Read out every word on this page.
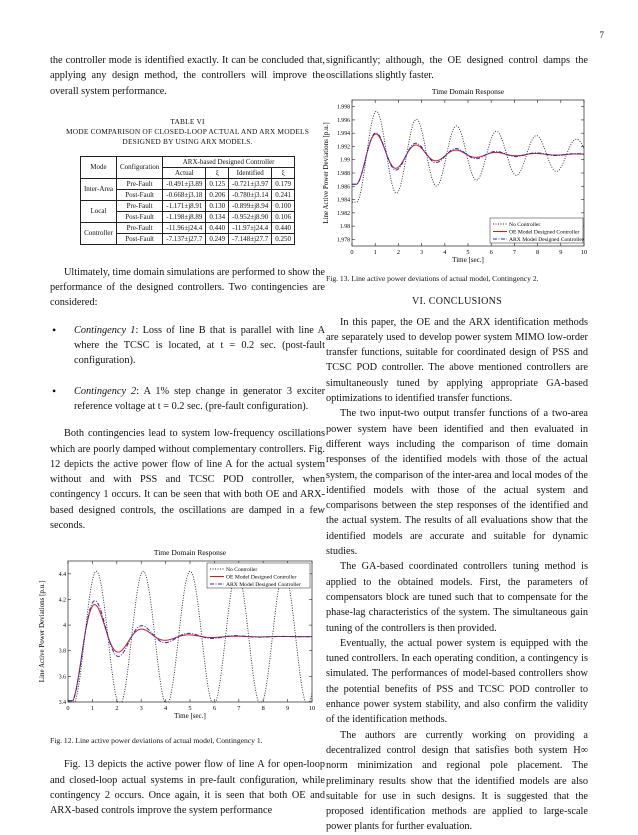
7

the controller mode is identified exactly. It can be concluded that, applying any design method, the controllers will improve the overall system performance.

TABLE VI
MODE COMPARISON OF CLOSED-LOOP ACTUAL AND ARX MODELS DESIGNED BY USING ARX MODELS.
Mode	Configuration	ARX-based Designed Controller			
		Actual	ξ	Identified	ξ
Inter-Area	Pre-Fault	-0.491±j3.89	0.125	-0.721±j3.97	0.179
	Post-Fault	-0.668±j3.18	0.206	-0.780±j3.14	0.241
Local	Pre-Fault	-1.171±j8.91	0.130	-0.899±j8.94	0.100
	Post-Fault	-1.198±j8.89	0.134	-0.952±j8.90	0.106
Controller	Pre-Fault	-11.96±j24.4	0.440	-11.97±j24.4	0.440
	Post-Fault	-7.137±j27.7	0.249	-7.148±j27.7	0.250

Ultimately, time domain simulations are performed to show the performance of the designed controllers. Two contingencies are considered:

•	Contingency 1: Loss of line B that is parallel with line A where the TCSC is located, at t = 0.2 sec. (post-fault configuration).

•	Contingency 2: A 1% step change in generator 3 exciter reference voltage at t = 0.2 sec. (pre-fault configuration).

Both contingencies lead to system low-frequency oscillations which are poorly damped without complementary controllers. Fig. 12 depicts the active power flow of line A for the actual system without and with PSS and TCSC POD controller, when contingency 1 occurs. It can be seen that with both OE and ARX-based designed controls, the oscillations are damped in a few seconds.

Time Domain Response
0	1	2	3	4	5	6	7	8	9	10
3.4
3.6
3.8
4
4.2
4.4
Time [sec.]
Line Active Power Deviations [p.u.]
No Controller
OE Model Designed Controller
ARX Model Designed Controller
Fig. 12. Line active power deviations of actual model, Contingency 1.

Fig. 13 depicts the active power flow of line A for open-loop and closed-loop actual systems in pre-fault configuration, while contingency 2 occurs. Once again, it is seen that both OE and ARX-based controls improve the system performance

significantly; although, the OE designed control damps the oscillations slightly faster.

Time Domain Response
0	1	2	3	4	5	6	7	8	9	10
1.978
1.98
1.982
1.984
1.986
1.988
1.99
1.992
1.994
1.996
1.998
Time [sec.]
Line Active Power Deviations [p.u.]
No Controller
OE Model Designed Controller
ARX Model Designed Controller
Fig. 13. Line active power deviations of actual model, Contingency 2.
VI. CONCLUSIONS

In this paper, the OE and the ARX identification methods are separately used to develop power system MIMO low-order transfer functions, suitable for coordinated design of PSS and TCSC POD controller. The above mentioned controllers are simultaneously tuned by applying appropriate GA-based optimizations to identified transfer functions.

The two input-two output transfer functions of a two-area power system have been identified and then evaluated in different ways including the comparison of time domain responses of the identified models with those of the actual system, the comparison of the inter-area and local modes of the identified models with those of the actual system and comparisons between the step responses of the identified and the actual system. The results of all evaluations show that the identified models are accurate and suitable for dynamic studies.

The GA-based coordinated controllers tuning method is applied to the obtained models. First, the parameters of compensators block are tuned such that to compensate for the phase-lag characteristics of the system. The simultaneous gain tuning of the controllers is then provided.

Eventually, the actual power system is equipped with the tuned controllers. In each operating condition, a contingency is simulated. The performances of model-based controllers show the potential benefits of PSS and TCSC POD controller to enhance power system stability, and also confirm the validity of the identification methods.

The authors are currently working on providing a decentralized control design that satisfies both system H∞ norm minimization and regional pole placement. The preliminary results show that the identified models are also suitable for use in such designs. It is suggested that the proposed identification methods are applied to large-scale power plants for further evaluation.
